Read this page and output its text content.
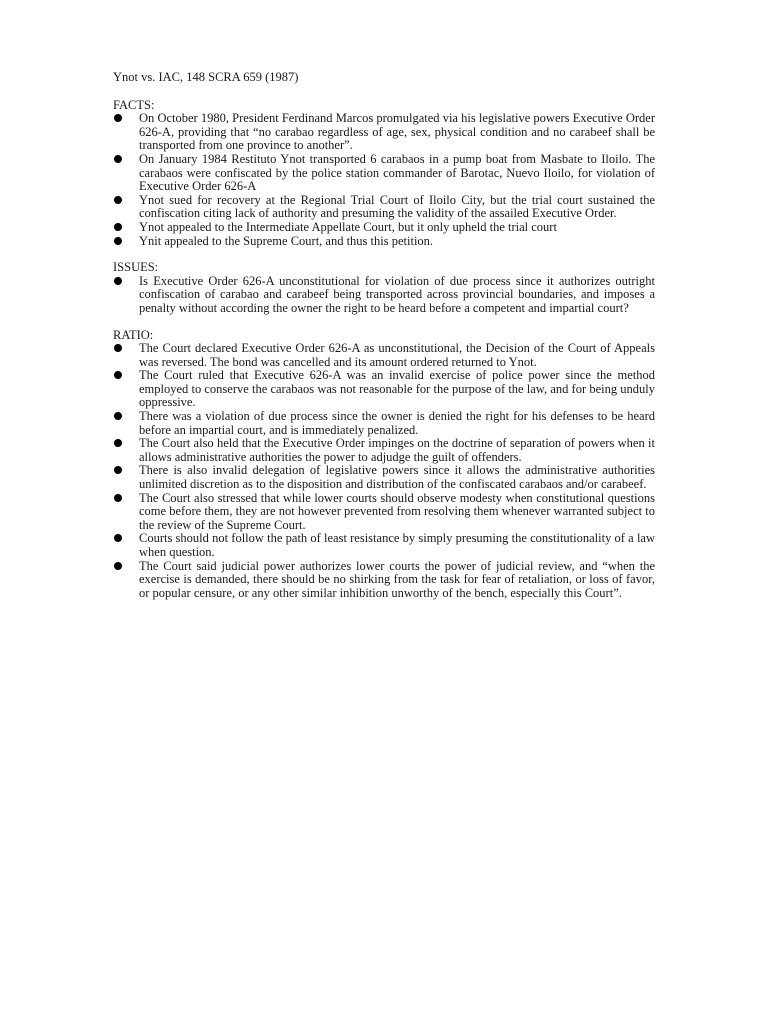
Ynot vs. IAC, 148 SCRA 659 (1987)

FACTS:

On October 1980, President Ferdinand Marcos promulgated via his legislative powers Executive Order 626-A, providing that “no carabao regardless of age, sex, physical condition and no carabeef shall be transported from one province to another”.
On January 1984 Restituto Ynot transported 6 carabaos in a pump boat from Masbate to Iloilo. The carabaos were confiscated by the police station commander of Barotac, Nuevo Iloilo, for violation of Executive Order 626-A
Ynot sued for recovery at the Regional Trial Court of Iloilo City, but the trial court sustained the confiscation citing lack of authority and presuming the validity of the assailed Executive Order.
Ynot appealed to the Intermediate Appellate Court, but it only upheld the trial court
Ynit appealed to the Supreme Court, and thus this petition.

ISSUES:

Is Executive Order 626-A unconstitutional for violation of due process since it authorizes outright confiscation of carabao and carabeef being transported across provincial boundaries, and imposes a penalty without according the owner the right to be heard before a competent and impartial court?

RATIO:

The Court declared Executive Order 626-A as unconstitutional, the Decision of the Court of Appeals was reversed. The bond was cancelled and its amount ordered returned to Ynot.
The Court ruled that Executive 626-A was an invalid exercise of police power since the method employed to conserve the carabaos was not reasonable for the purpose of the law, and for being unduly oppressive.
There was a violation of due process since the owner is denied the right for his defenses to be heard before an impartial court, and is immediately penalized.
The Court also held that the Executive Order impinges on the doctrine of separation of powers when it allows administrative authorities the power to adjudge the guilt of offenders.
There is also invalid delegation of legislative powers since it allows the administrative authorities unlimited discretion as to the disposition and distribution of the confiscated carabaos and/or carabeef.
The Court also stressed that while lower courts should observe modesty when constitutional questions come before them, they are not however prevented from resolving them whenever warranted subject to the review of the Supreme Court.
Courts should not follow the path of least resistance by simply presuming the constitutionality of a law when question.
The Court said judicial power authorizes lower courts the power of judicial review, and “when the exercise is demanded, there should be no shirking from the task for fear of retaliation, or loss of favor, or popular censure, or any other similar inhibition unworthy of the bench, especially this Court”.
